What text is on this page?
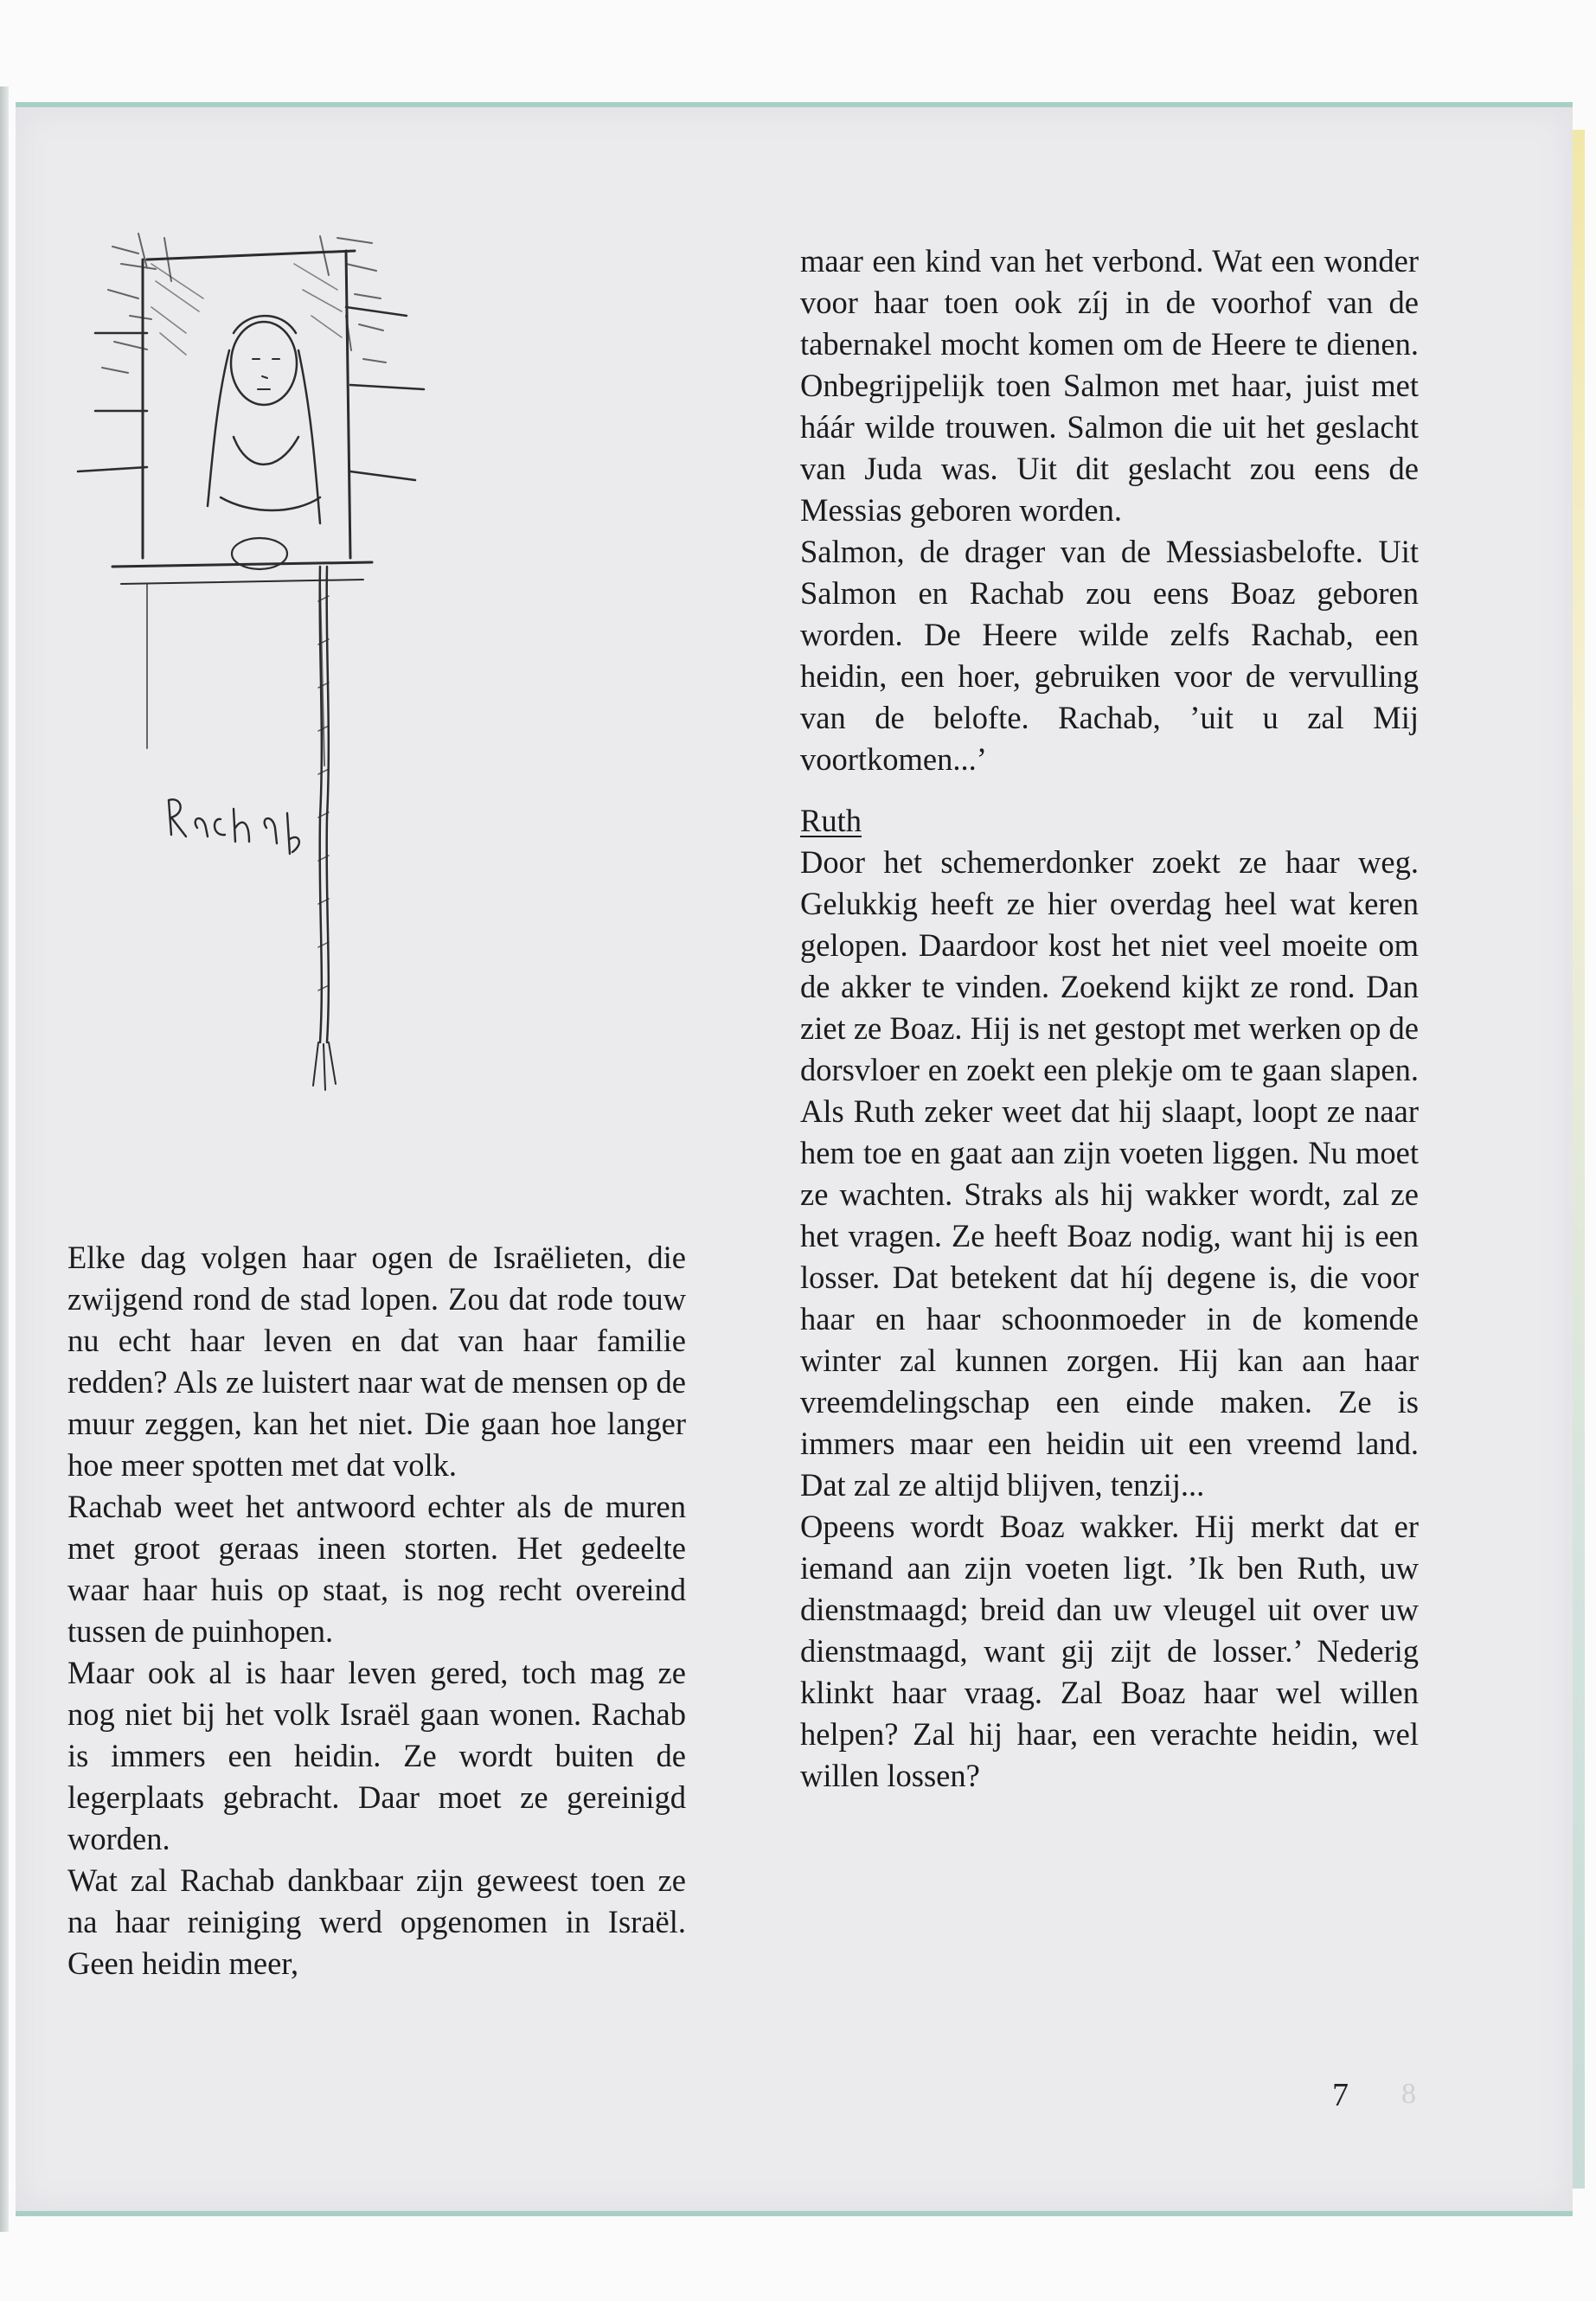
Elke dag volgen haar ogen de Israëlieten, die zwijgend rond de stad lopen. Zou dat rode touw nu echt haar leven en dat van haar familie redden? Als ze luistert naar wat de mensen op de muur zeggen, kan het niet. Die gaan hoe langer hoe meer spotten met dat volk.

Rachab weet het antwoord echter als de muren met groot geraas ineen storten. Het gedeelte waar haar huis op staat, is nog recht overeind tussen de puinhopen.

Maar ook al is haar leven gered, toch mag ze nog niet bij het volk Israël gaan wonen. Rachab is immers een heidin. Ze wordt buiten de legerplaats gebracht. Daar moet ze gereinigd worden.

Wat zal Rachab dankbaar zijn geweest toen ze na haar reiniging werd opgenomen in Israël. Geen heidin meer,

maar een kind van het verbond. Wat een wonder voor haar toen ook zíj in de voorhof van de tabernakel mocht komen om de Heere te dienen. Onbegrijpelijk toen Salmon met haar, juist met háár wilde trouwen. Salmon die uit het geslacht van Juda was. Uit dit geslacht zou eens de Messias geboren worden.

Salmon, de drager van de Messiasbelofte. Uit Salmon en Rachab zou eens Boaz geboren worden. De Heere wilde zelfs Rachab, een heidin, een hoer, gebruiken voor de vervulling van de belofte. Rachab, ’uit u zal Mij voortkomen...’

Ruth

Door het schemerdonker zoekt ze haar weg. Gelukkig heeft ze hier overdag heel wat keren gelopen. Daardoor kost het niet veel moeite om de akker te vinden. Zoekend kijkt ze rond. Dan ziet ze Boaz. Hij is net gestopt met werken op de dorsvloer en zoekt een plekje om te gaan slapen. Als Ruth zeker weet dat hij slaapt, loopt ze naar hem toe en gaat aan zijn voeten liggen. Nu moet ze wachten. Straks als hij wakker wordt, zal ze het vragen. Ze heeft Boaz nodig, want hij is een losser. Dat betekent dat híj degene is, die voor haar en haar schoonmoeder in de komende winter zal kunnen zorgen. Hij kan aan haar vreemdelingschap een einde maken. Ze is immers maar een heidin uit een vreemd land. Dat zal ze altijd blijven, tenzij...

Opeens wordt Boaz wakker. Hij merkt dat er iemand aan zijn voeten ligt. ’Ik ben Ruth, uw dienstmaagd; breid dan uw vleugel uit over uw dienstmaagd, want gij zijt de losser.’ Nederig klinkt haar vraag. Zal Boaz haar wel willen helpen? Zal hij haar, een verachte heidin, wel willen lossen?

7 8
